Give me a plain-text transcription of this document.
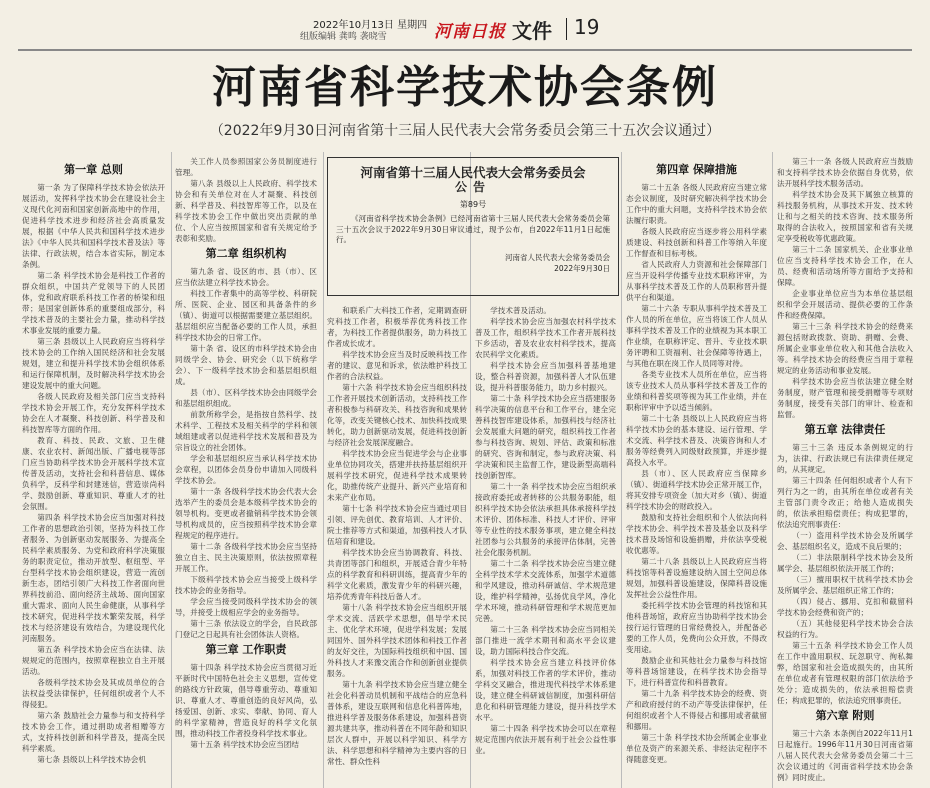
2022年10月13日 星期四
组版编辑 龚鸣 袭晓雪	河南日报 文件 19
河南省科学技术协会条例
（2022年9月30日河南省第十三届人民代表大会常务委员会第三十五次会议通过）
第一章 总则

第一条 为了保障科学技术协会依法开展活动，发挥科学技术协会在建设社会主义现代化河南和国家创新高地中的作用，促进科学技术进步和经济社会高质量发展，根据《中华人民共和国科学技术进步法》《中华人民共和国科学技术普及法》等法律、行政法规，结合本省实际，制定本条例。

第二条 科学技术协会是科技工作者的群众组织，中国共产党领导下的人民团体，党和政府联系科技工作者的桥梁和纽带；是国家创新体系的重要组成部分，科学技术普及的主要社会力量，推动科学技术事业发展的重要力量。

第三条 县级以上人民政府应当将科学技术协会的工作纳入国民经济和社会发展规划，建立和提升科学技术协会组织体系和运行保障机制，及时解决科学技术协会建设发展中的重大问题。

各级人民政府及相关部门应当支持科学技术协会开展工作，充分发挥科学技术协会在人才凝聚、科技创新、科学普及和科技智库等方面的作用。

教育、科技、民政、文旅、卫生健康、农业农村、新闻出版、广播电视等部门应当协助科学技术协会开展科学技术宣传普及活动，支持社会和科普信息、媒体负科学，反科学和封建迷信，营造崇尚科学、鼓励创新、尊重知识、尊重人才的社会氛围。

第四条 科学技术协会应当加强对科技工作者的思想政治引领，坚持为科技工作者服务、为创新驱动发展服务、为提高全民科学素质服务、为党和政府科学决策服务的职责定位，推动开放型、枢纽型、平台型科学技术协会组织建设，营造一流创新生态，团结引领广大科技工作者面向世界科技前沿、面向经济主战场、面向国家重大需求、面向人民生命健康，从事科学技术研究，促进科学技术繁荣发展，科学技术与经济建设有效结合，为建设现代化河南服务。

第五条 科学技术协会应当在法律、法规规定的范围内，按照章程独立自主开展活动。

各级科学技术协会及其成员单位的合法权益受法律保护，任何组织或者个人不得侵犯。

第六条 鼓励社会力量参与和支持科学技术协会工作，通过捐助成者相赠等方式，支持科技创新和科学普及，提高全民科学素质。

第七条 县级以上科学技术协会机

关工作人员参照国家公务员制度进行管理。

第八条 县级以上人民政府、科学技术协会和有关单位对在人才凝聚、科技创新、科学普及、科技智库等工作，以及在科学技术协会工作中做出突出贡献的单位、个人应当按照国家和省有关规定给予表彰和奖励。

第二章 组织机构

第九条 省、设区的市、县（市）、区应当依法建立科学技术协会。

科技工作者集中的高等学校、科研院所、医院、企业、园区和具备条件的乡（镇）、街道可以根据需要建立基层组织。基层组织应当配备必要的工作人员，承担科学技术协会的日常工作。

第十条 省、设区的市科学技术协会由同级学会、协会、研究会（以下统称学会）、下一级科学技术协会和基层组织组成。

县（市）、区科学技术协会由同级学会和基层组织组成。

前款所称学会，是指按自然科学、技术科学、工程技术及相关科学的学科和领域组建或者以促进科学技术发展和普及为宗旨设立的社会团体。

学会和基层组织应当承认科学技术协会章程，以团体会员身份申请加入同级科学技术协会。

第十一条 各级科学技术协会代表大会选举产生的委员会是本级科学技术协会的领导机构。变更或者撤销科学技术协会领导机构成员的，应当按照科学技术协会章程规定的程序进行。

第十二条 各级科学技术协会应当坚持独立自主、民主决策原则，依法按照章程开展工作。

下级科学技术协会应当接受上级科学技术协会的业务指导。

学会应当接受同级科学技术协会的领导，并接受上级相应学会的业务指导。

第十三条 依法设立的学会，自民政部门登记之日起具有社会团体法人资格。

第三章 工作职责

第十四条 科学技术协会应当贯彻习近平新时代中国特色社会主义思想，宣传党的路线方针政策，倡导尊重劳动、尊重知识、尊重人才、尊重创造的良好风尚，弘扬爱国、创新、求实、奉献、协同、育人的科学家精神，营造良好的科学文化氛围，推动科技工作者投身科学技术事业。

第十五条 科学技术协会应当团结

河南省第十三届人民代表大会常务委员会
公告
第89号
《河南省科学技术协会条例》已经河南省第十三届人民代表大会常务委员会第三十五次会议于2022年9月30日审议通过，现予公布，自2022年11月1日起施行。
河南省人民代表大会常务委员会
2022年9月30日

和联系广大科技工作者，定期调查研究科技工作者，积极举荐优秀科技工作者，为科技工作者提供服务，助力科技工作者成长成才。

科学技术协会应当及时反映科技工作者的建议、意见和诉求，依法维护科技工作者的合法权益。

第十六条 科学技术协会应当组织科技工作者开展技术创新活动，支持科技工作者积极参与科研攻关、科技咨询和成果转化等，改变关键核心技术、加快科技成果转化，助力创新驱动发展，促进科技创新与经济社会发展深度融合。

科学技术协会应当促进学会与企业事业单位协同攻关，搭建并扶持基层组织开展科学技术研究，促进科学技术成果转化，助推传统产业提升、新兴产业培育和未来产业布局。

第十七条 科学技术协会应当通过项目引领、评先创优、教育培训、人才评价、院士推荐等方式和渠道，加强科技人才队伍培育和建设。

科学技术协会应当协调教育、科技、共青团等部门和组织，开展适合青少年特点的科学教育和科研训练，提高青少年的科学文化素质，激发青少年的科研兴趣，培养优秀青年科技后备人才。

第十八条 科学技术协会应当组织开展学术交流、活跃学术思想，倡导学术民主、优化学术环境，促进学科发展；发展同国外、国外科学技术团体和科技工作者的友好交往，为国际科技组织和中国、国外科技人才来豫交流合作和创新创业提供服务。

第十九条 科学技术协会应当建立健全社会化科普动员机制和平战结合的应急科普体系，建设互联网和信息化科普阵地，推进科学普及服务体系建设，加强科普资源共建共享，推动科普在不同年龄和知识层次人群中，开展以科学知识、科学方法、科学思想和科学精神为主要内容的日常性、群众性科

学技术普及活动。

科学技术协会应当加强农村科学技术普及工作，组织科学技术工作者开展科技下乡活动，普及农业农村科学技术，提高农民科学文化素质。

科学技术协会应当加强科普基地建设，整合科普资源，加强科普人才队伍建设，提升科普服务能力，助力乡村振兴。

第二十条 科学技术协会应当搭建服务科学决策的信息平台和工作平台，建全完善科技智库建设体系，加强科技与经济社会发展重大问题的研究，组织科技工作者参与科技咨询、规划、评估、政策和标准的研究、咨询和制定，参与政府决策、科学决策和民主监督工作，建设新型高端科技创新智库。

第二十一条 科学技术协会应当组织承接政府委托或者转移的公共服务职能，组织科学技术协会依法承担具体承接科学技术评价、团体标准、科技人才评价、评审等专业性的技术服务事项，建立健全科技社团参与公共服务的承接评估体制，完善社会化服务机制。

第二十二条 科学技术协会应当建立健全科学技术学术交流体系，加强学术道德和学风建设，推动科研诚信、学术规范建设，维护科学精神，弘扬优良学风，净化学术环境，推动科研管理和学术规范更加完善。

第二十三条 科学技术协会应当同相关部门推进一流学术期刊和高水平会议建设，助力国际科技合作交流。

科学技术协会应当建立科技评价体系，加强对科技工作者的学术评价，推动学科交叉融合，推进现代科技学术体系建设，建立健全科研诚信制度，加强科研信息化和科研管理能力建设，提升科技学术水平。

第二十四条 科学技术协会可以在章程规定范围内依法开展有利于社会公益性事业。

第四章 保障措施

第二十五条 各级人民政府应当建立常态会议制度，及时研究解决科学技术协会工作中的重大问题，支持科学技术协会依法履行职责。

各级人民政府应当逐步将公用科学素质建设、科技创新和科普工作等纳入年度工作督查和目标考核。

省人民政府人力资源和社会保障部门应当开设科学传播专业技术职称评审，为从事科学技术普及工作的人员职称晋升提供平台和渠道。

第二十六条 专职从事科学技术普及工作人员的所在单位，应当将该工作人员从事科学技术普及工作的业绩视为其本职工作业绩，在职称评定、晋升、专业技术职务评聘和工资福利、社会保障等待遇上，与其他在职在岗工作人员同等对待。

各类专业技术人员所在单位，应当将该专业技术人员从事科学技术普及工作的业绩和科普奖项等视为其工作业绩，并在职称评审中予以适当倾斜。

第二十七条 县级以上人民政府应当将科学技术协会的基本建设、运行管理、学术交流、科学技术普及、决策咨询和人才服务等经费列入同级财政预算，并逐步提高投入水平。

县（市）、区人民政府应当保障乡（镇）、街道科学技术协会正常开展工作，将其安排专项资金（加大对乡（镇）、街道科学技术协会的财政投入。

鼓励和支持社会组织和个人依法向科学技术协会、科学技术普及基金以及科学技术普及场馆和设施捐赠，并依法享受税收优惠等。

第二十八条 县级以上人民政府应当将科技馆等科普设施建设纳入国土空间总体规划，加强科普设施建设，保障科普设施发挥社会公益性作用。

委托科学技术协会管理的科技馆和其他科普场馆，政府应当协助科学技术协会按行运行管理的日常经费投入，并配备必要的工作人员，免费向公众开放，不得改变用途。

鼓励企业和其他社会力量参与科技馆等科普场馆建设，在科学技术协会指导下，进行科普宣传和科普教育。

第二十九条 科学技术协会的经费、资产和政府授付的不动产等受法律保护，任何组织或者个人不得侵占和挪用或者截留和挪用。

第三十条 科学技术协会所属企业事业单位及资产的来源关系、非经法定程序不得随意变更。

第三十一条 各级人民政府应当鼓励和支持科学技术协会依据自身优势，依法开展科学技术服务活动。

科学技术协会及其下属独立核算的科技服务机构，从事技术开发、技术转让和与之相关的技术咨询、技术服务所取得的合法收入，按照国家和省有关规定享受税收等优惠政策。

第三十二条 国家机关、企业事业单位应当支持科学技术协会工作，在人员、经费和活动场所等方面给予支持和保障。

企业事业单位应当为本单位基层组织和学会开展活动、提供必要的工作条件和经费保障。

第三十三条 科学技术协会的经费来源包括财政拨款、资助、捐赠、会费、所属企业事业单位收入和其他合法收入等。科学技术协会的经费应当用于章程规定的业务活动和事业发展。

科学技术协会应当依法建立健全财务制度，财产管理和接受捐赠等专项财务制度，接受有关部门的审计、检查和监督。

第五章 法律责任

第三十三条 违反本条例规定的行为，法律、行政法规已有法律责任规定的，从其规定。

第三十四条 任何组织或者个人有下列行为之一的，由其所在单位或者有关主管部门责令改正；给他人造成损失的，依法承担赔偿责任；构成犯罪的，依法追究刑事责任：

（一）盗用科学技术协会及所属学会、基层组织名义，造成不良后果的；

（二）非法限制科学技术协会及所属学会、基层组织依法开展工作的；

（三）擅用职权干扰科学技术协会及所属学会、基层组织正常工作的；

（四）侵占、挪用、克扣和截留科学技术协会经费和资产的；

（五）其他侵犯科学技术协会合法权益的行为。

第三十五条 科学技术协会工作人员在工作中滥用职权、玩忽职守、徇私舞弊，给国家和社会造成损失的，由其所在单位或者有管理权限的部门依法给予处分；造成损失的，依法承担赔偿责任；构成犯罪的，依法追究刑事责任。

第六章 附则

第三十六条 本条例自2022年11月1日起施行。1996年11月30日河南省第八届人民代表大会常务委员会第二十三次会议通过的《河南省科学技术协会条例》同时废止。
